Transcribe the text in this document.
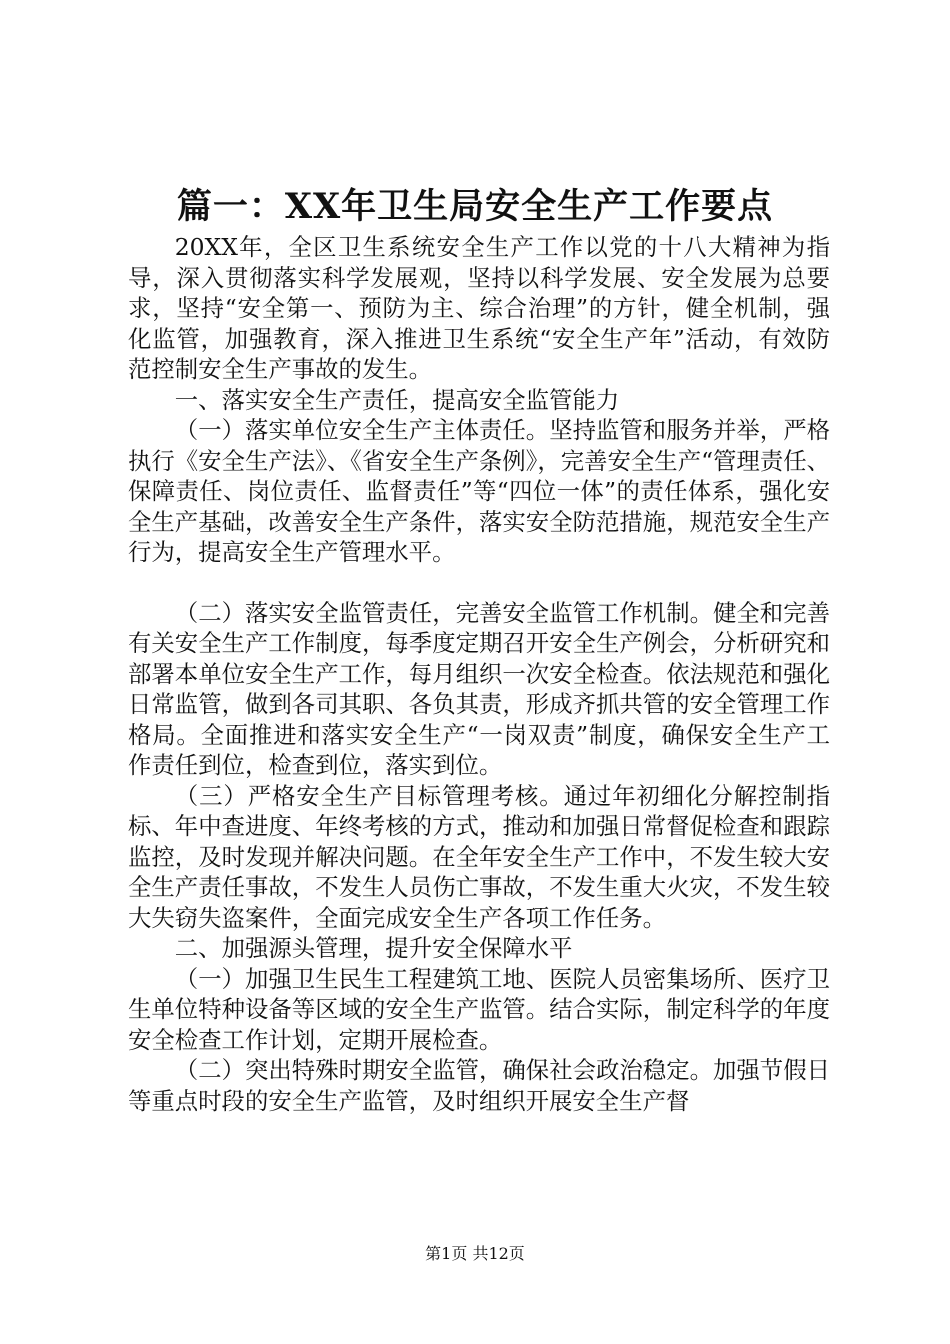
篇一：XX年卫生局安全生产工作要点

20XX年，全区卫生系统安全生产工作以党的十八大精神为指导，深入贯彻落实科学发展观，坚持以科学发展、安全发展为总要求，坚持“安全第一、预防为主、综合治理”的方针，健全机制，强化监管，加强教育，深入推进卫生系统“安全生产年”活动，有效防范控制安全生产事故的发生。

一、落实安全生产责任，提高安全监管能力

（一）落实单位安全生产主体责任。坚持监管和服务并举，严格执行《安全生产法》、《省安全生产条例》，完善安全生产“管理责任、保障责任、岗位责任、监督责任”等“四位一体”的责任体系，强化安全生产基础，改善安全生产条件，落实安全防范措施，规范安全生产行为，提高安全生产管理水平。

（二）落实安全监管责任，完善安全监管工作机制。健全和完善有关安全生产工作制度，每季度定期召开安全生产例会，分析研究和部署本单位安全生产工作，每月组织一次安全检查。依法规范和强化日常监管，做到各司其职、各负其责，形成齐抓共管的安全管理工作格局。全面推进和落实安全生产“一岗双责”制度，确保安全生产工作责任到位，检查到位，落实到位。

（三）严格安全生产目标管理考核。通过年初细化分解控制指标、年中查进度、年终考核的方式，推动和加强日常督促检查和跟踪监控，及时发现并解决问题。在全年安全生产工作中，不发生较大安全生产责任事故，不发生人员伤亡事故，不发生重大火灾，不发生较大失窃失盗案件，全面完成安全生产各项工作任务。

二、加强源头管理，提升安全保障水平

（一）加强卫生民生工程建筑工地、医院人员密集场所、医疗卫生单位特种设备等区域的安全生产监管。结合实际，制定科学的年度安全检查工作计划，定期开展检查。

（二）突出特殊时期安全监管，确保社会政治稳定。加强节假日等重点时段的安全生产监管，及时组织开展安全生产督

第1页 共12页
